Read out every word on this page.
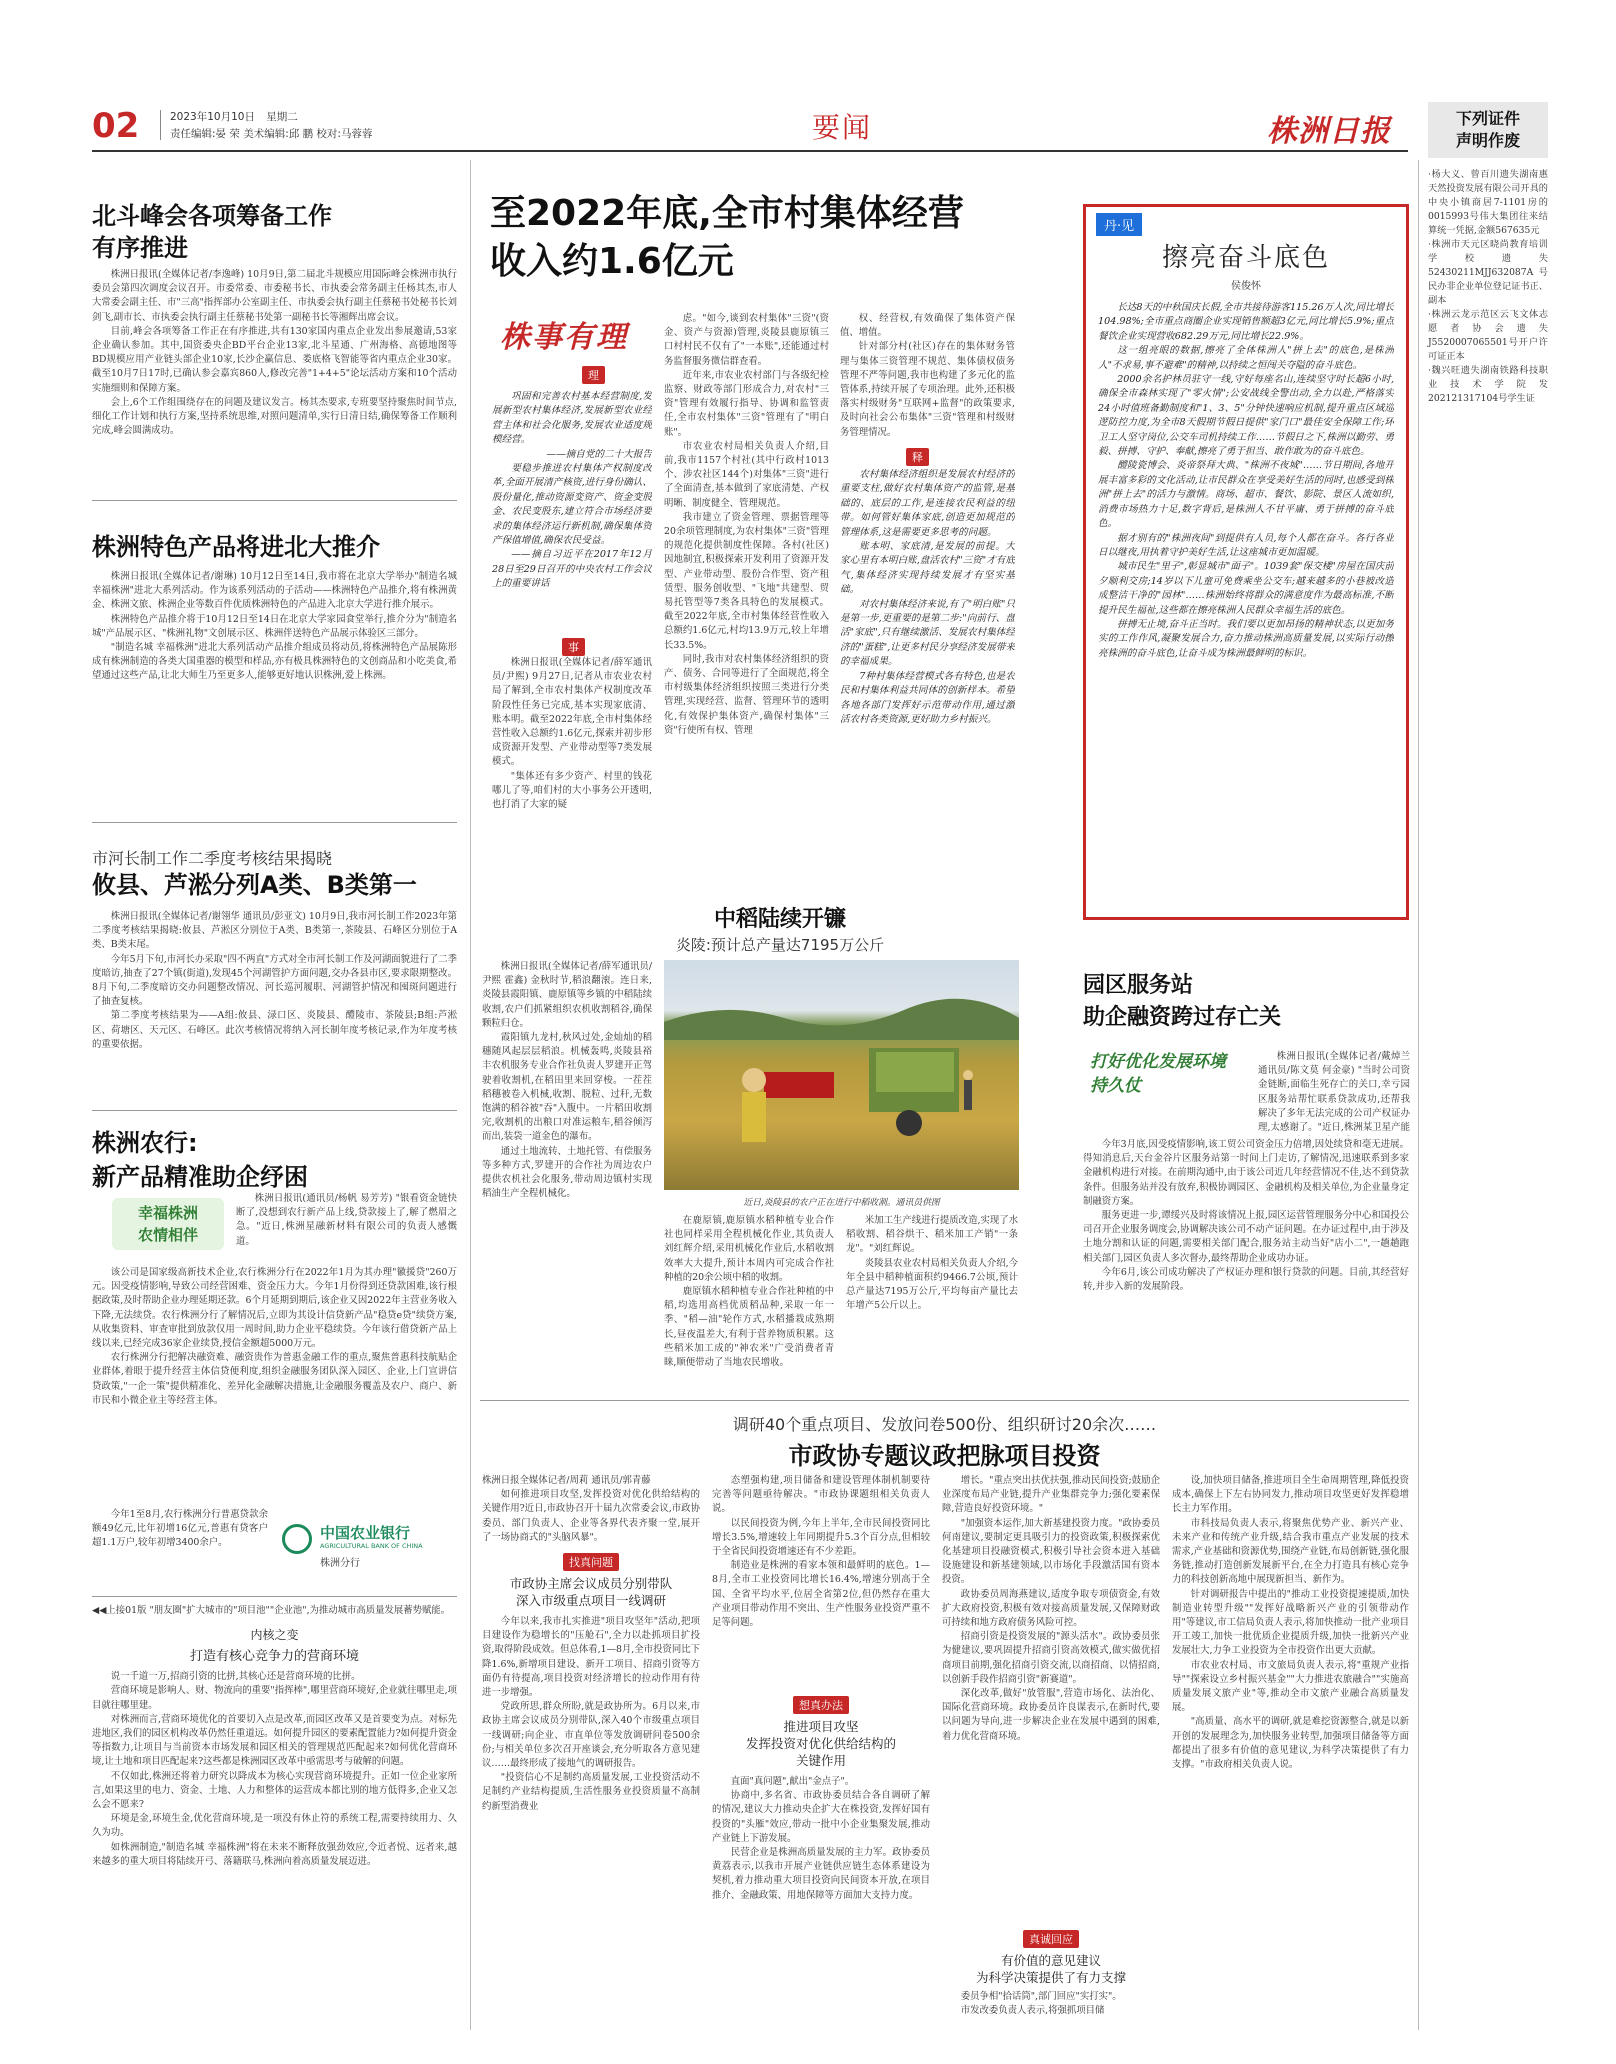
02	2023年10月10日 星期二
责任编辑:晏 荣 美术编辑:邱 鹏 校对:马蓉蓉	要闻	株洲日报	下列证件
声明作废
·杨大义、曾百川遗失湖南惠天然投资发展有限公司开具的中央小镇商居7-1101房的0015993号伟大集团往来结算统一凭据,金额567635元
·株洲市天元区晓尚教育培训学校遗失52430211MJJ632087A号民办非企业单位登记证书正、副本
·株洲云龙示范区云飞文体志愿者协会遗失J5520007065501号开户许可证正本
·魏兴旺遗失湖南铁路科技职业技术学院发202121317104号学生证
北斗峰会各项筹备工作
有序推进

株洲日报讯(全媒体记者/李逸峰) 10月9日,第二届北斗规模应用国际峰会株洲市执行委员会第四次调度会议召开。市委常委、市委秘书长、市执委会常务副主任杨其杰,市人大常委会副主任、市"三高"指挥部办公室副主任、市执委会执行副主任蔡秘书处秘书长刘剑飞,副市长、市执委会执行副主任蔡秘书处第一副秘书长等湘辉出席会议。

目前,峰会各项筹备工作正在有序推进,共有130家国内重点企业发出参展邀请,53家企业确认参加。其中,国资委央企BD平台企业13家,北斗星通、广州海格、高德地图等BD规模应用产业链头部企业10家,长沙企赢信息、娄底格飞智能等省内重点企业30家。截至10月7日17时,已确认参会嘉宾860人,修改完善"1+4+5"论坛活动方案和10个活动实施细则和保障方案。

会上,6个工作组围绕存在的问题及建议发言。杨其杰要求,专班要坚持聚焦时间节点,细化工作计划和执行方案,坚持系统思维,对照问题清单,实行日清日结,确保筹备工作顺利完成,峰会圆满成功。

株洲特色产品将进北大推介

株洲日报讯(全媒体记者/谢琳) 10月12日至14日,我市将在北京大学举办"制造名城 幸福株洲"进北大系列活动。作为该系列活动的子活动——株洲特色产品推介,将有株洲黄金、株洲文旅、株洲企业等数百件优质株洲特色的产品进入北京大学进行推介展示。

株洲特色产品推介将于10月12日至14日在北京大学家园食堂举行,推介分为"制造名城"产品展示区、"株洲礼物"文创展示区、株洲伴送特色产品展示体验区三部分。

"制造名城 幸福株洲"进北大系列活动产品推介组成员将动员,将株洲特色产品展陈形成有株洲制造的各类大国重器的模型和样品,亦有极具株洲特色的文创商品和小吃美食,希望通过这些产品,让北大师生乃至更多人,能够更好地认识株洲,爱上株洲。

市河长制工作二季度考核结果揭晓
攸县、芦淞分列A类、B类第一

株洲日报讯(全媒体记者/谢翎华 通讯员/彭亚文) 10月9日,我市河长制工作2023年第二季度考核结果揭晓:攸县、芦淞区分别位于A类、B类第一,茶陵县、石峰区分别位于A类、B类末尾。

今年5月下旬,市河长办采取"四不两直"方式对全市河长制工作及河湖面貌进行了二季度暗访,抽查了27个镇(街道),发现45个河湖管护方面问题,交办各县市区,要求限期整改。8月下旬,二季度暗访交办问题整改情况、河长巡河履职、河湖管护情况和囤斑问题进行了抽查复核。

第二季度考核结果为——A组:攸县、渌口区、炎陵县、醴陵市、茶陵县;B组:芦淞区、荷塘区、天元区、石峰区。此次考核情况将纳入河长制年度考核记录,作为年度考核的重要依据。

株洲农行:
新产品精准助企纾困
幸福株洲
农情相伴

株洲日报讯(通讯员/杨帆 易芳芳) "银看资金链快断了,没想到农行新产品上线,贷款接上了,解了燃眉之急。"近日,株洲星融新材料有限公司的负责人感慨道。

该公司是国家级高新技术企业,农行株洲分行在2022年1月为其办理"徽援贷"260万元。因受疫情影响,导致公司经营困难、资金压力大。今年1月份得到还贷款困难,该行根据政策,及时帮助企业办理延期还款。6个月延期到期后,该企业又因2022年主营业务收入下降,无法续贷。农行株洲分行了解情况后,立即为其设计信贷新产品"稳贷e贷"续贷方案,从收集资料、审查审批到放款仅用一周时间,助力企业平稳续贷。今年该行借贷新产品上线以来,已经完成36家企业续贷,授信金额超5000万元。

农行株洲分行把解决融资难、融资贵作为普惠金融工作的重点,聚焦普惠科技航贴企业群体,着眼于提升经营主体信贷便利度,组织金融服务团队深入园区、企业,上门宣讲信贷政策,"一企一策"提供精准化、差异化金融解决措施,让金融服务覆盖及农户、商户、新市民和小微企业主等经营主体。

今年1至8月,农行株洲分行普惠贷款余额49亿元,比年初增16亿元,普惠有贷客户超1.1万户,较年初增3400余户。

中国农业银行
AGRICULTURAL BANK OF CHINA
株洲分行
◀◀上接01版 "朋友圈"扩大城市的"项目池""企业池",为推动城市高质量发展蓄势赋能。
内核之变
打造有核心竞争力的营商环境

说一千道一万,招商引资的比拼,其核心还是营商环境的比拼。

营商环境是影响人、财、物流向的重要"指挥棒",哪里营商环境好,企业就往哪里走,项目就往哪里建。

对株洲而言,营商环境优化的首要切入点是改革,而园区改革又是首要变为点。对标先进地区,我们的园区机构改革仍然任重道远。如何提升园区的要素配置能力?如何提升资金等指数力,让项目与当前资本市场发展和园区相关的管理规范匹配起来?如何优化营商环境,让土地和项目匹配起来?这些都是株洲园区改革中亟需思考与破解的问题。

不仅如此,株洲还将着力研究以降成本为核心实现营商环境提升。正如一位企业家所言,如果这里的电力、资金、土地、人力和整体的运营成本都比别的地方低得多,企业又怎么会不愿来?

环境是金,环境生金,优化营商环境,是一项没有休止符的系统工程,需要持续用力、久久为功。

如株洲制造,"制造名城 幸福株洲"将在未来不断释放强劲效应,令近者悦、远者来,越来越多的重大项目将陆续开弓、落籍联马,株洲向着高质量发展迈进。

至2022年底,全市村集体经营
收入约1.6亿元
株事有理
理

巩固和完善农村基本经营制度,发展新型农村集体经济,发展新型农业经营主体和社会化服务,发展农业适度规模经营。

——摘自党的二十大报告

要稳步推进农村集体产权制度改革,全面开展清产核资,进行身份确认、股份量化,推动资源变资产、资金变股金、农民变股东,建立符合市场经济要求的集体经济运行新机制,确保集体资产保值增值,确保农民受益。

——摘自习近平在2017年12月28日至29日召开的中央农村工作会议上的重要讲话

事

株洲日报讯(全媒体记者/薛军通讯员/尹熙) 9月27日,记者从市农业农村局了解到,全市农村集体产权制度改革阶段性任务已完成,基本实现家底清、账本明。截至2022年底,全市村集体经营性收入总额约1.6亿元,探索并初步形成资源开发型、产业带动型等7类发展模式。

"集体还有多少资产、村里的钱花哪儿了等,咱们村的大小事务公开透明,也打消了大家的疑

虑。"如今,谈到农村集体"三资"(资金、资产与资源)管理,炎陵县鹿原镇三口村村民不仅有了"一本账",还能通过村务监督服务微信群查看。

近年来,市农业农村部门与各级纪检监察、财政等部门形成合力,对农村"三资"管理有效履行指导、协调和监管责任,全市农村集体"三资"管理有了"明白账"。

市农业农村局相关负责人介绍,目前,我市1157个村社(其中行政村1013个、涉农社区144个)对集体"三资"进行了全面清查,基本做到了家底清楚、产权明晰、制度健全、管理规范。

我市建立了资金管理、票据管理等20余项管理制度,为农村集体"三资"管理的规范化提供制度性保障。各村(社区)因地制宜,积极探索开发利用了资源开发型、产业带动型、股份合作型、资产租赁型、服务创收型、"飞地"共建型、贸易托管型等7类各具特色的发展模式。截至2022年底,全市村集体经营性收入总额约1.6亿元,村均13.9万元,较上年增长33.5%。

同时,我市对农村集体经济组织的资产、债务、合同等进行了全面规范,将全市村级集体经济组织按照三类进行分类管理,实现经营、监督、管理环节的透明化,有效保护集体资产,确保村集体"三资"行使所有权、管理

权、经营权,有效确保了集体资产保值、增值。

针对部分村(社区)存在的集体财务管理与集体三资管理不规范、集体债权债务管理不严等问题,我市也构建了多元化的监管体系,持续开展了专项治理。此外,还积极落实村级财务"互联网+监督"的政策要求,及时向社会公布集体"三资"管理和村级财务管理情况。

释

农村集体经济组织是发展农村经济的重要支柱,做好农村集体资产的监管,是基础的、底层的工作,是连接农民利益的纽带。如何管好集体家底,创造更加规范的管理体系,这是需要更多思考的问题。

账本明、家底清,是发展的前提。大家心里有本明白账,盘活农村"三资"才有底气,集体经济实现持续发展才有坚实基础。

对农村集体经济来说,有了"明白账"只是第一步,更重要的是第二步:"向前行、盘活"家底",只有继续激活、发展农村集体经济的"蛋糕",让更多村民分享经济发展带来的幸福成果。

7种村集体经营模式各有特色,也是农民和村集体利益共同体的创新样本。希望各地各部门发挥好示范带动作用,通过激活农村各类资源,更好助力乡村振兴。

丹·见
擦亮奋斗底色
侯俊怀

长达8天的中秋国庆长假,全市共接待游客115.26万人次,同比增长104.98%;全市重点商圈企业实现销售额超3亿元,同比增长5.9%;重点餐饮企业实现营收682.29万元,同比增长22.9%。

这一组亮眼的数据,擦亮了全体株洲人"拼上去"的底色,是株洲人"不求易,事不避难"的精神,以持续之恒闯关夺隘的奋斗底色。

2000余名护林员驻守一线,守好每座名山,连续坚守时长超6小时,确保全市森林实现了"零火情";公安战线全警出动,全力以赴,严格落实24小时值班备勤制度和"1、3、5"分钟快速响应机制,提升重点区域巡逻防控力度,为全市8天假期节假日提供"家门口"最佳安全保障工作;环卫工人坚守岗位,公交车司机持续工作……节假日之下,株洲以勤劳、勇毅、拼搏、守护、奉献,擦亮了勇于担当、敢作敢为的奋斗底色。

醴陵瓷博会、炎帝祭拜大典、"株洲不夜城"……节日期间,各地开展丰富多彩的文化活动,让市民群众在享受美好生活的同时,也感受到株洲"拼上去"的活力与激情。商场、超市、餐饮、影院、景区人流如织,消费市场热力十足,数字背后,是株洲人不甘平庸、勇于拼搏的奋斗底色。

据才别有的"株洲夜间"到提供有人员,每个人都在奋斗。各行各业日以继夜,用执着守护美好生活,让这座城市更加温暖。

城市民生"里子",彰显城市"面子"。1039套"保交楼"房屋在国庆前夕顺利交房;14岁以下儿童可免费乘坐公交车;越来越多的小巷被改造成整洁干净的"园林"……株洲始终将群众的满意度作为最高标准,不断提升民生福祉,这些都在擦亮株洲人民群众幸福生活的底色。

拼搏无止境,奋斗正当时。我们要以更加昂扬的精神状态,以更加务实的工作作风,凝聚发展合力,奋力推动株洲高质量发展,以实际行动擦亮株洲的奋斗底色,让奋斗成为株洲最鲜明的标识。

中稻陆续开镰
炎陵:预计总产量达7195万公斤

株洲日报讯(全媒体记者/薛军通讯员/尹熙 霍鑫) 金秋时节,稻浪翻滚。连日来,炎陵县霞阳镇、鹿原镇等乡镇的中稻陆续收割,农户们抓紧组织农机收割稻谷,确保颗粒归仓。

霞阳镇九龙村,秋风过处,金灿灿的稻穗随风起层层稻浪。机械轰鸣,炎陵县裕丰农机服务专业合作社负责人罗建开正驾驶着收割机,在稻田里来回穿梭。一茬茬稻穗被卷入机械,收割、脱粒、过秆,无数饱满的稻谷被"吞"入腹中。一片稻田收割完,收割机的出粮口对准运粮车,稻谷倾泻而出,装袋一道金色的瀑布。

通过土地流转、土地托管、有偿服务等多种方式,罗建开的合作社为周边农户提供农机社会化服务,带动周边镇村实现稻油生产全程机械化。

近日,炎陵县的农户正在进行中稻收割。通讯员供图

在鹿原镇,鹿原镇水稻种植专业合作社也同样采用全程机械化作业,其负责人刘红辉介绍,采用机械化作业后,水稻收割效率大大提升,预计本周内可完成合作社种植的20余公顷中稻的收割。

鹿原镇水稻种植专业合作社种植的中稻,均选用高档优质稻品种,采取一年一季、"稻—油"轮作方式,水稻播栽成熟期长,昼夜温差大,有利于营养物质积累。这些稻米加工成的"神农米"广受消费者青睐,顺便带动了当地农民增收。

米加工生产线进行提质改造,实现了水稻收割、稻谷烘干、稻米加工产销"一条龙"。"刘红辉说。

炎陵县农业农村局相关负责人介绍,今年全县中稻种植面积约9466.7公顷,预计总产量达7195万公斤,平均每亩产量比去年增产5公斤以上。

园区服务站
助企融资跨过存亡关
打好优化发展环境
持久仗

株洲日报讯(全媒体记者/戴焯兰 通讯员/陈文莫 何金豪) "当时公司资金链断,面临生死存亡的关口,幸亏园区服务站帮忙联系贷款成功,还帮我解决了多年无法完成的公司产权证办理,太感谢了。"近日,株洲某卫星产能

今年3月底,因受疫情影响,该工贸公司资金压力倍增,因处续贷和毫无进展。得知消息后,天台金谷片区服务站第一时间上门走访,了解情况,迅速联系到多家金融机构进行对接。在前期沟通中,由于该公司近几年经营情况不佳,达不到贷款条件。但服务站并没有放弃,积极协调园区、金融机构及相关单位,为企业量身定制融资方案。

服务更进一步,谭绥兴及时将该情况上报,园区运营管理服务分中心和国投公司召开企业服务调度会,协调解决该公司不动产证问题。在办证过程中,由于涉及土地分割和认证的问题,需要相关部门配合,服务站主动当好"店小二",一趟趟跑相关部门,园区负责人多次督办,最终帮助企业成功办证。

今年6月,该公司成功解决了产权证办理和银行贷款的问题。目前,其经营好转,并步入新的发展阶段。

调研40个重点项目、发放问卷500份、组织研讨20余次……
市政协专题议政把脉项目投资

株洲日报全媒体记者/周莉 通讯员/郭青藤

如何推进项目攻坚,发挥投资对优化供给结构的关键作用?近日,市政协召开十届九次常委会议,市政协委员、部门负责人、企业等各界代表齐聚一堂,展开了一场协商式的"头脑风暴"。

找真问题
市政协主席会议成员分别带队
深入市级重点项目一线调研

今年以来,我市扎实推进"项目攻坚年"活动,把项目建设作为稳增长的"压舱石",全力以赴抓项目扩投资,取得阶段成效。但总体看,1—8月,全市投资同比下降1.6%,新增项目建设、新开工项目、招商引资等方面仍有待提高,项目投资对经济增长的拉动作用有待进一步增强。

党政所思,群众所盼,就是政协所为。6月以来,市政协主席会议成员分别带队,深入40个市级重点项目一线调研;向企业、市直单位等发放调研问卷500余份;与相关单位多次召开座谈会,充分听取各方意见建议……最终形成了接地气的调研报告。

"投资信心不足制约高质量发展,工业投资活动不足制约产业结构提质,生活性服务业投资质量不高制约新型消费业

态塑强构建,项目储备和建设管理体制机制要待完善等问题亟待解决。"市政协课题组相关负责人说。

以民间投资为例,今年上半年,全市民间投资同比增长3.5%,增速较上年同期提升5.3个百分点,但相较于全省民间投资增速还有不少差距。

制造业是株洲的看家本领和最鲜明的底色。1—8月,全市工业投资同比增长16.4%,增速分别高于全国、全省平均水平,位居全省第2位,但仍然存在重大产业项目带动作用不突出、生产性服务业投资严重不足等问题。

想真办法
推进项目攻坚
发挥投资对优化供给结构的
关键作用

直面"真问题",献出"金点子"。

协商中,多名省、市政协委员结合各自调研了解的情况,建议大力推动央企扩大在株投资,发挥好国有投资的"头雁"效应,带动一批中小企业集聚发展,推动产业链上下游发展。

民营企业是株洲高质量发展的主力军。政协委员黄荔表示,以我市开展产业链供应链生态体系建设为契机,着力推动重大项目投资向民间资本开放,在项目推介、金融政策、用地保障等方面加大支持力度。

增长。"重点突出扶优扶强,推动民间投资;鼓励企业深度布局产业链,提升产业集群竞争力;强化要素保障,营造良好投资环境。"

"加强资本运作,加大新基建投资力度。"政协委员何南建议,要制定更具吸引力的投资政策,积极探索优化基建项目投融资模式,积极引导社会资本进入基础设施建设和新基建领域,以市场化手段激活国有资本投资。

政协委员周海燕建议,适度争取专项债资金,有效扩大政府投资,积极有效对接高质量发展,又保障财政可持续和地方政府债务风险可控。

招商引资是投资发展的"源头活水"。政协委员张为健建议,要巩固提升招商引资高效模式,做实做优招商项目前期,强化招商引资交流,以商招商、以情招商,以创新手段作招商引资"新赛道"。

深化改革,做好"放管服",营造市场化、法治化、国际化营商环境。政协委员许良谋表示,在新时代,要以问题为导向,进一步解决企业在发展中遇到的困难,着力优化营商环境。

真诚回应
有价值的意见建议
为科学决策提供了有力支撑

委员争相"拾话筒",部门回应"实打实"。

市发改委负责人表示,将强抓项目储

设,加快项目储备,推进项目全生命周期管理,降低投资成本,确保上下左右协同发力,推动项目攻坚更好发挥稳增长主力军作用。

市科技局负责人表示,将聚焦优势产业、新兴产业、未来产业和传统产业升级,结合我市重点产业发展的技术需求,产业基础和资源优势,围绕产业链,布局创新链,强化服务链,推动打造创新发展新平台,在全力打造具有核心竞争力的科技创新高地中展现新担当、新作为。

针对调研报告中提出的"推动工业投资提速提质,加快制造业转型升级""发挥好战略新兴产业的引领带动作用"等建议,市工信局负责人表示,将加快推动一批产业项目开工竣工,加快一批优质企业提质升级,加快一批新兴产业发展壮大,力争工业投资为全市投资作出更大贡献。

市农业农村局、市文旅局负责人表示,将"重规产业指导""探索设立乡村振兴基金""大力推进农旅融合""实施高质量发展文旅产业"等,推动全市文旅产业融合高质量发展。

"高质量、高水平的调研,就是难挖资源整合,就是以新开创的发展理念为,加快服务业转型,加强项目储备等方面都提出了很多有价值的意见建议,为科学决策提供了有力支撑。"市政府相关负责人说。
